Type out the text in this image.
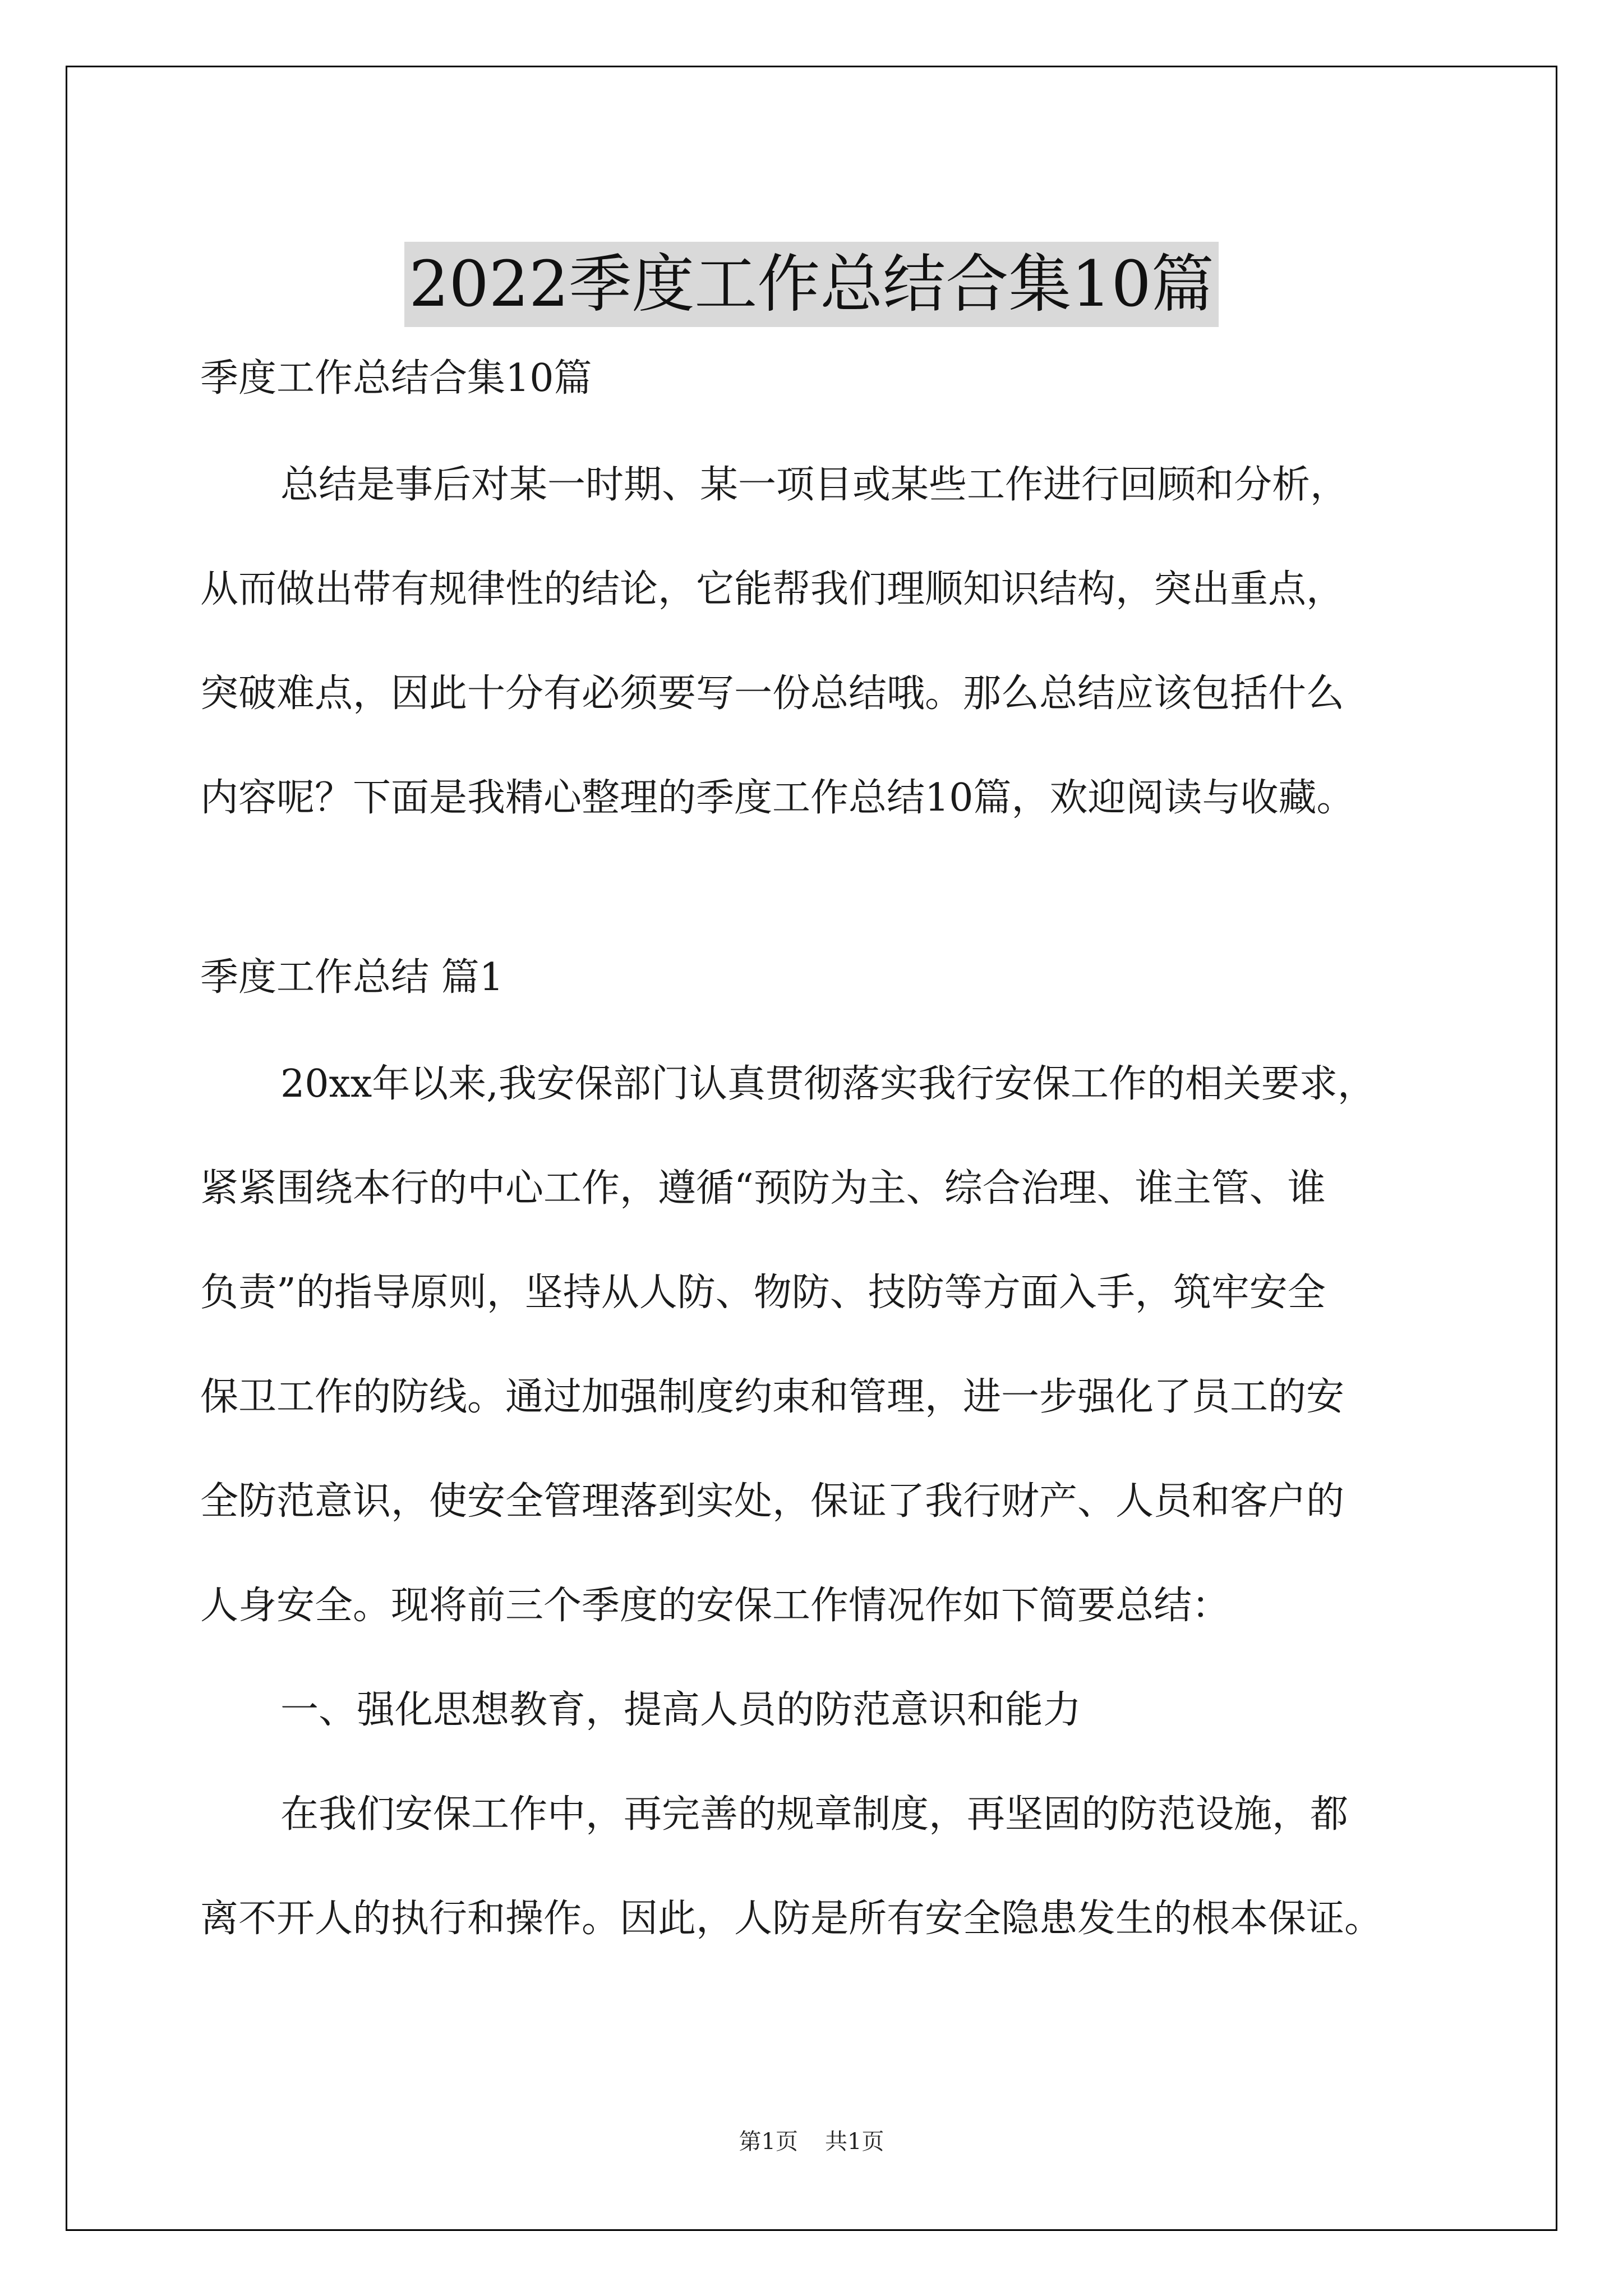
2022季度工作总结合集10篇
季度工作总结合集10篇
总结是事后对某一时期、某一项目或某些工作进行回顾和分析，
从而做出带有规律性的结论，它能帮我们理顺知识结构，突出重点，
突破难点，因此十分有必须要写一份总结哦。那么总结应该包括什么
内容呢？下面是我精心整理的季度工作总结10篇，欢迎阅读与收藏。
季度工作总结 篇1
20xx年以来,我安保部门认真贯彻落实我行安保工作的相关要求，
紧紧围绕本行的中心工作，遵循“预防为主、综合治理、谁主管、谁
负责”的指导原则，坚持从人防、物防、技防等方面入手，筑牢安全
保卫工作的防线。通过加强制度约束和管理，进一步强化了员工的安
全防范意识，使安全管理落到实处，保证了我行财产、人员和客户的
人身安全。现将前三个季度的安保工作情况作如下简要总结：
一、强化思想教育，提高人员的防范意识和能力
在我们安保工作中，再完善的规章制度，再坚固的防范设施，都
离不开人的执行和操作。因此，人防是所有安全隐患发生的根本保证。
第1页 共1页
